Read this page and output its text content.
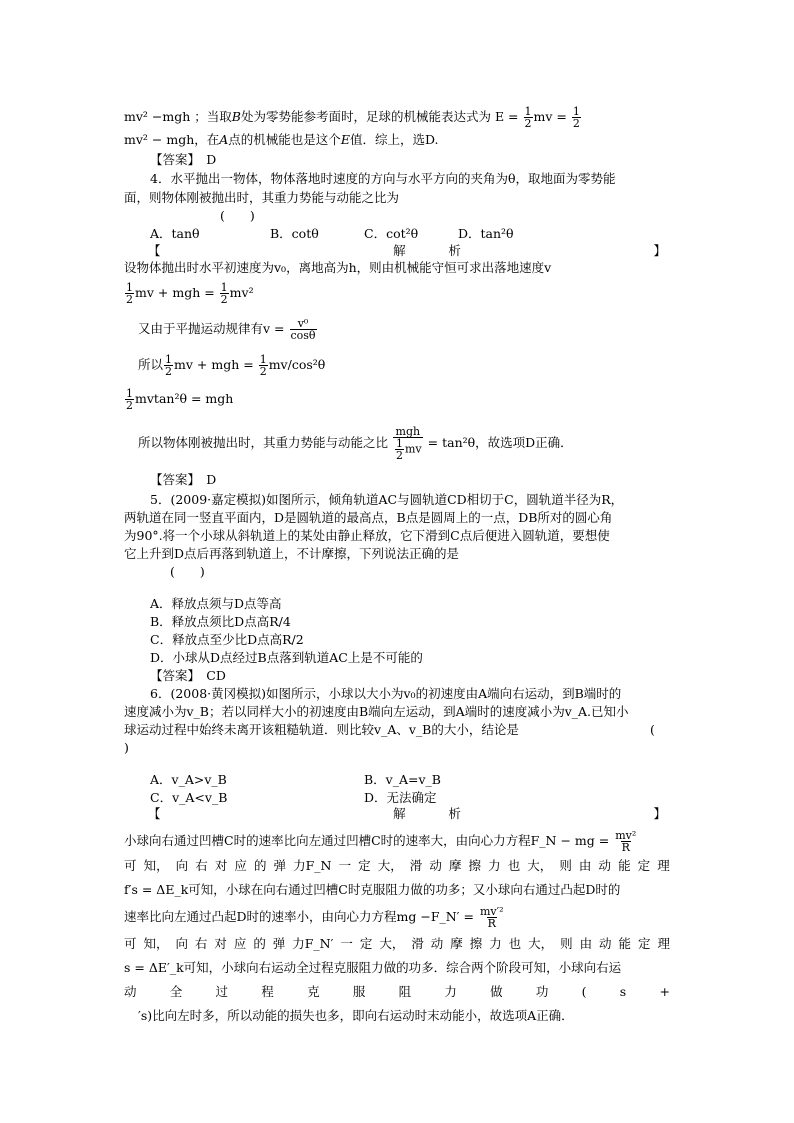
mv² −mgh ；当取B处为零势能参考面时，足球的机械能表达式为 $E = \frac{1}{2}$ mv = $\frac{1}{2}$
mv² − mgh，在A点的机械能也是这个E值．综上，选D.
【答案】　D
4．水平抛出一物体，物体落地时速度的方向与水平方向的夹角为θ，取地面为零势能
面，则物体刚被抛出时，其重力势能与动能之比为
(　　)
A．tanθ	B．cotθ	C．cot²θ	D．tan²θ
【	解	析	】
设物体抛出时水平初速度为v₀，离地高为h，则由机械能守恒可求出落地速度v
$\frac{1}{2}$ mv + mgh = $\frac{1}{2} mv^2$
又由于平抛运动规律有$v = \frac{\text{v⁰}}{\cos\theta}$
所以 $\frac{1}{2}$ mv + mgh = $\frac{1}{2} mv/\cos^2\theta$
$\frac{1}{2} mvtan^2\theta$ = mgh
所以物体刚被抛出时，其重力势能与动能之比 $\frac{\text{mgh}}{\frac{1}{2} mv} = \tan^2\theta$，故选项D正确．
【答案】　D
5．(2009·嘉定模拟)如图所示，倾角轨道AC与圆轨道CD相切于C，圆轨道半径为R，
两轨道在同一竖直平面内，D是圆轨道的最高点，B点是圆周上的一点，DB所对的圆心角
为90°.将一个小球从斜轨道上的某处由静止释放，它下滑到C点后便进入圆轨道，要想使
它上升到D点后再落到轨道上，不计摩擦，下列说法正确的是
(　　)
A．释放点须与D点等高
B．释放点须比D点高R/4
C．释放点至少比D点高R/2
D．小球从D点经过B点落到轨道AC上是不可能的
【答案】　CD
6．(2008·黄冈模拟)如图所示，小球以大小为v₀的初速度由A端向右运动，到B端时的
速度减小为v_B；若以同样大小的初速度由B端向左运动，到A端时的速度减小为v_A.已知小
球运动过程中始终未离开该粗糙轨道．则比较v_A、v_B的大小，结论是	(
)
A．v_A>v_B	B．v_A=v_B
C．v_A<v_B	D．无法确定
【	解	析	】
小球向右通过凹槽C时的速率比向左通过凹槽C时的速率大，由向心力方程F_N − mg = $\frac{\text{mv²}}{R}$
可 知， 向 右 对 应 的 弹 力F_N 一 定 大， 滑 动 摩 擦 力 也 大， 则 由 动 能 定 理
f′s = ΔE_k可知，小球在向右通过凹槽C时克服阻力做的功多；又小球向右通过凸起D时的
速率比向左通过凸起D时的速率小，由向心力方程mg −F_N′ = $\frac{\text{mv′²}}{R}$
可 知， 向 右 对 应 的 弹 力F_N′ 一 定 大， 滑 动 摩 擦 力 也 大， 则 由 动 能 定 理
s = ΔE′_k可知，小球向右运动全过程克服阻力做的功多．综合两个阶段可知，小球向右运
动	全	过	程	克	服	阻	力	做	功	(	s	+
′s)比向左时多，所以动能的损失也多，即向右运动时末动能小，故选项A正确．
